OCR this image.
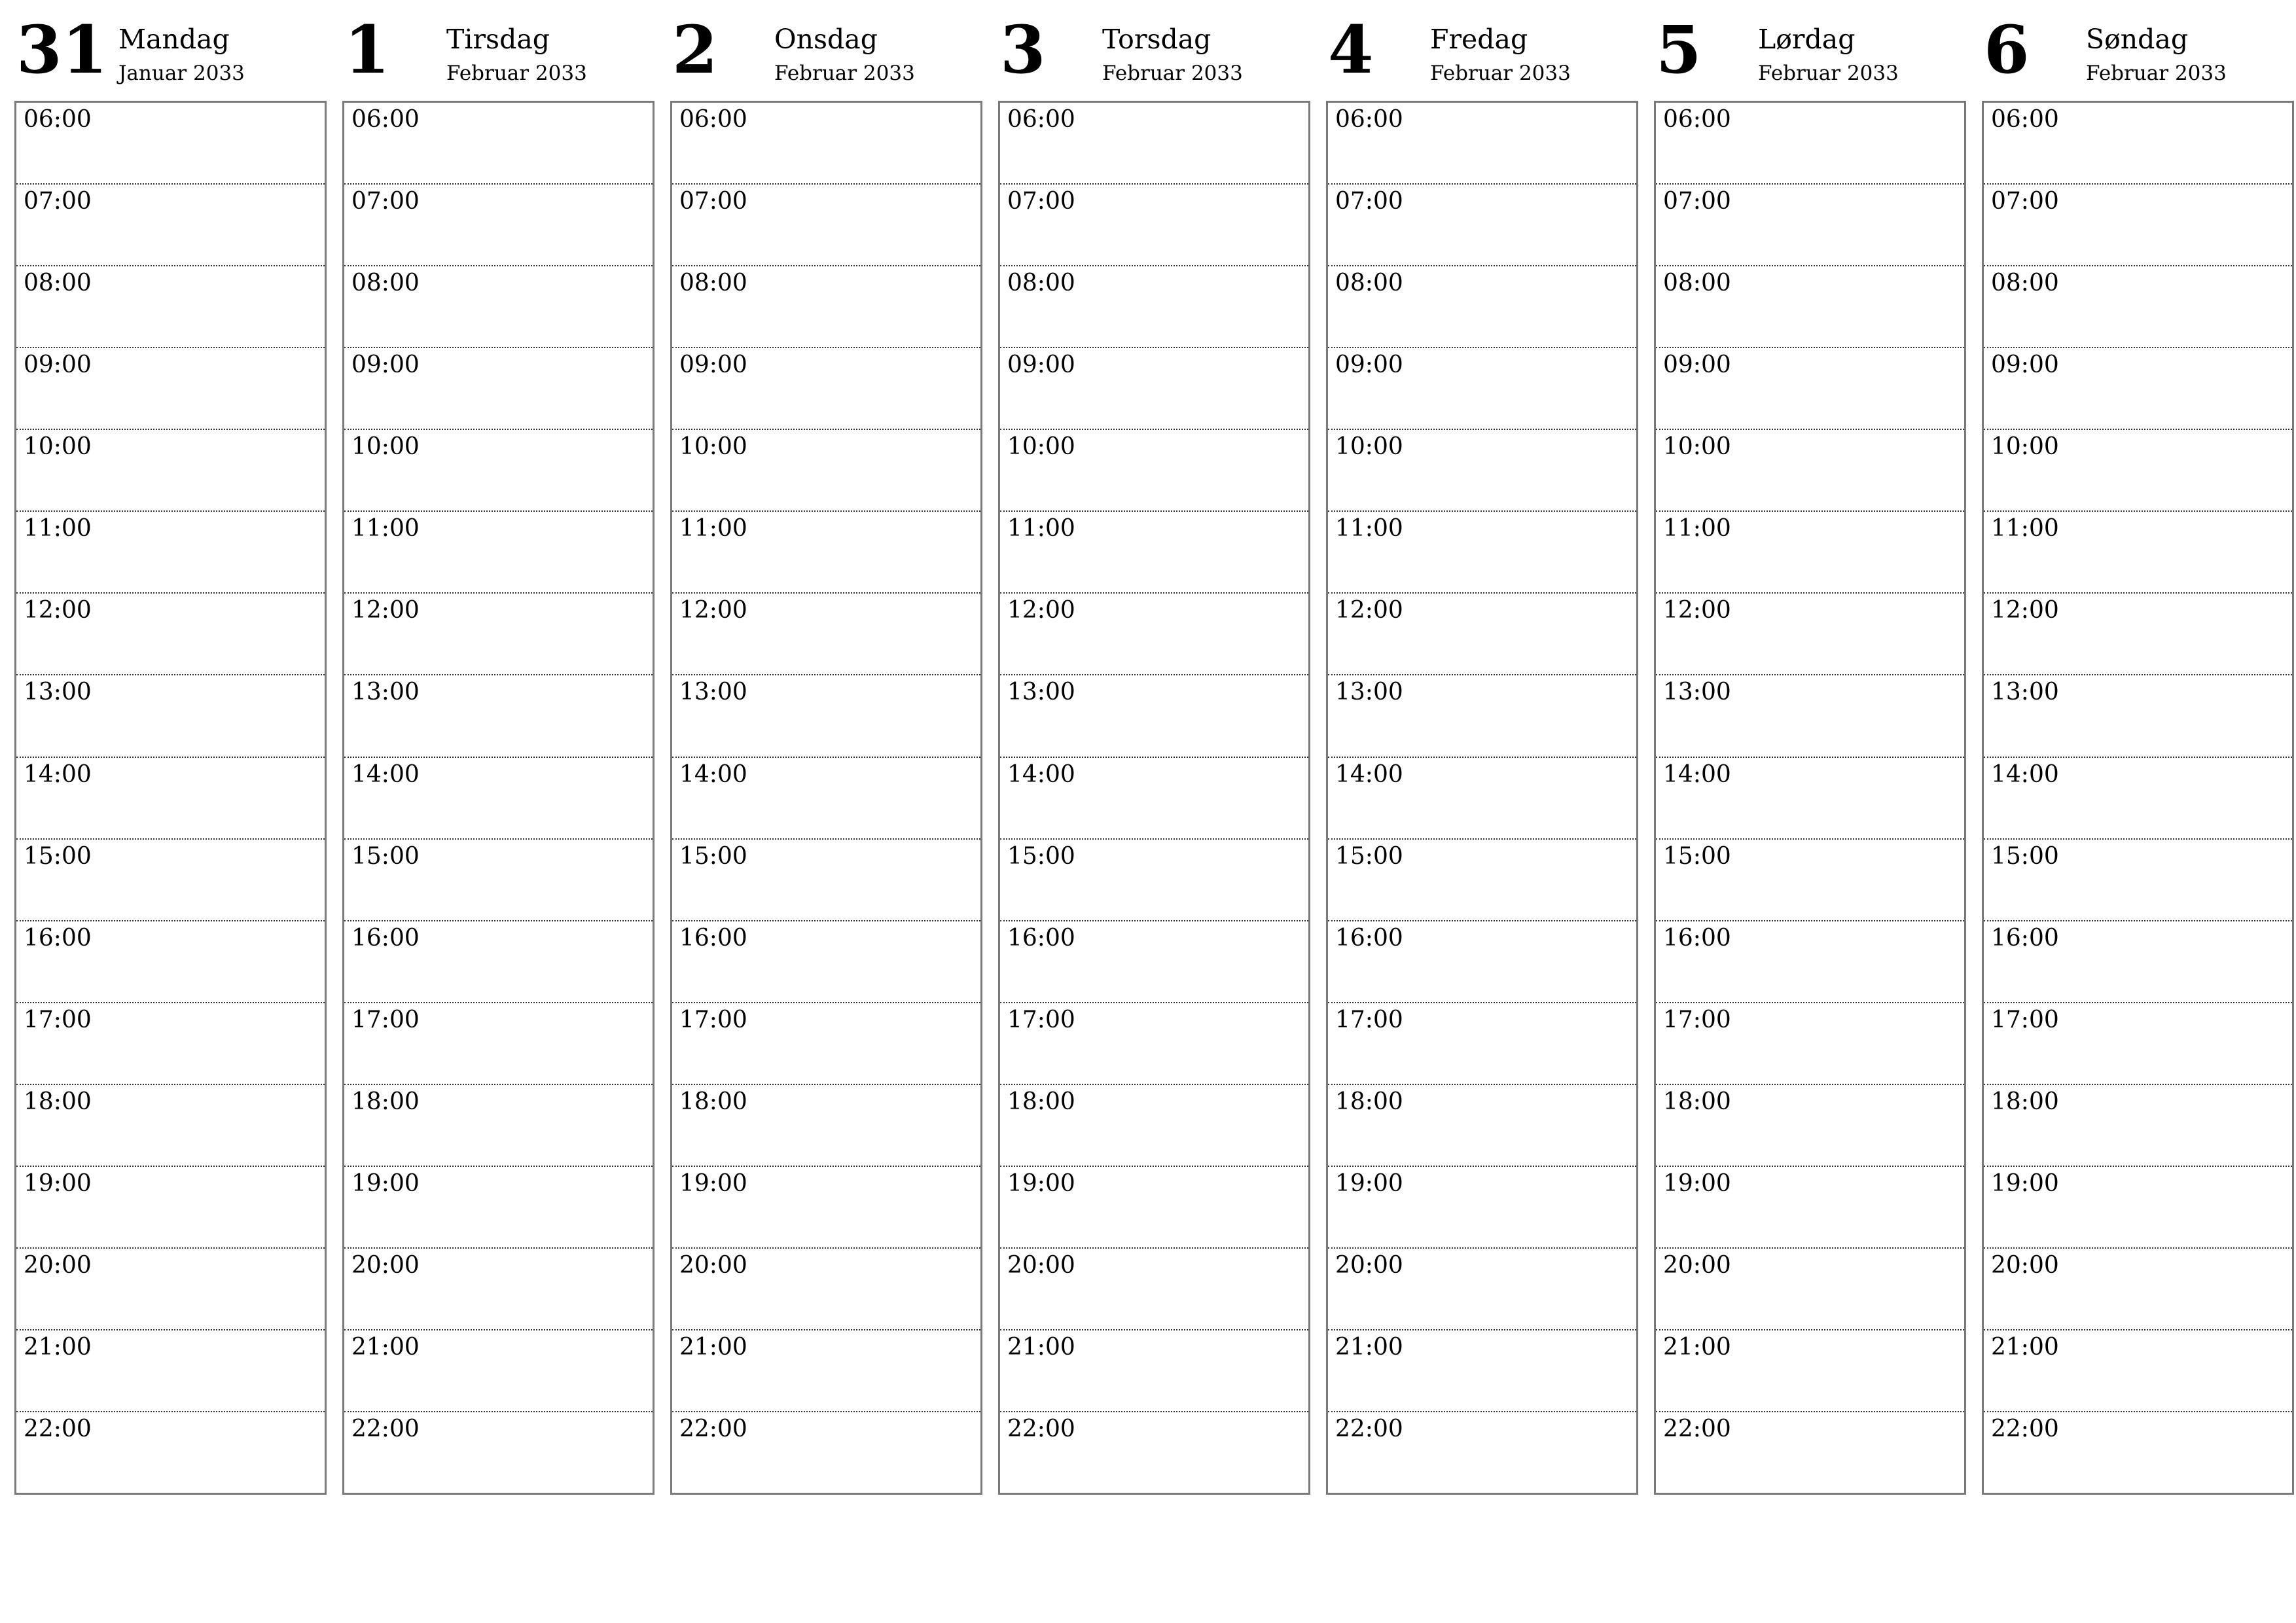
31 Mandag
Januar 2033
06:00
07:00
08:00
09:00
10:00
11:00
12:00
13:00
14:00
15:00
16:00
17:00
18:00
19:00
20:00
21:00
22:00
1 Tirsdag
Februar 2033
06:00
07:00
08:00
09:00
10:00
11:00
12:00
13:00
14:00
15:00
16:00
17:00
18:00
19:00
20:00
21:00
22:00
2 Onsdag
Februar 2033
06:00
07:00
08:00
09:00
10:00
11:00
12:00
13:00
14:00
15:00
16:00
17:00
18:00
19:00
20:00
21:00
22:00
3 Torsdag
Februar 2033
06:00
07:00
08:00
09:00
10:00
11:00
12:00
13:00
14:00
15:00
16:00
17:00
18:00
19:00
20:00
21:00
22:00
4 Fredag
Februar 2033
06:00
07:00
08:00
09:00
10:00
11:00
12:00
13:00
14:00
15:00
16:00
17:00
18:00
19:00
20:00
21:00
22:00
5 Lørdag
Februar 2033
06:00
07:00
08:00
09:00
10:00
11:00
12:00
13:00
14:00
15:00
16:00
17:00
18:00
19:00
20:00
21:00
22:00
6 Søndag
Februar 2033
06:00
07:00
08:00
09:00
10:00
11:00
12:00
13:00
14:00
15:00
16:00
17:00
18:00
19:00
20:00
21:00
22:00
